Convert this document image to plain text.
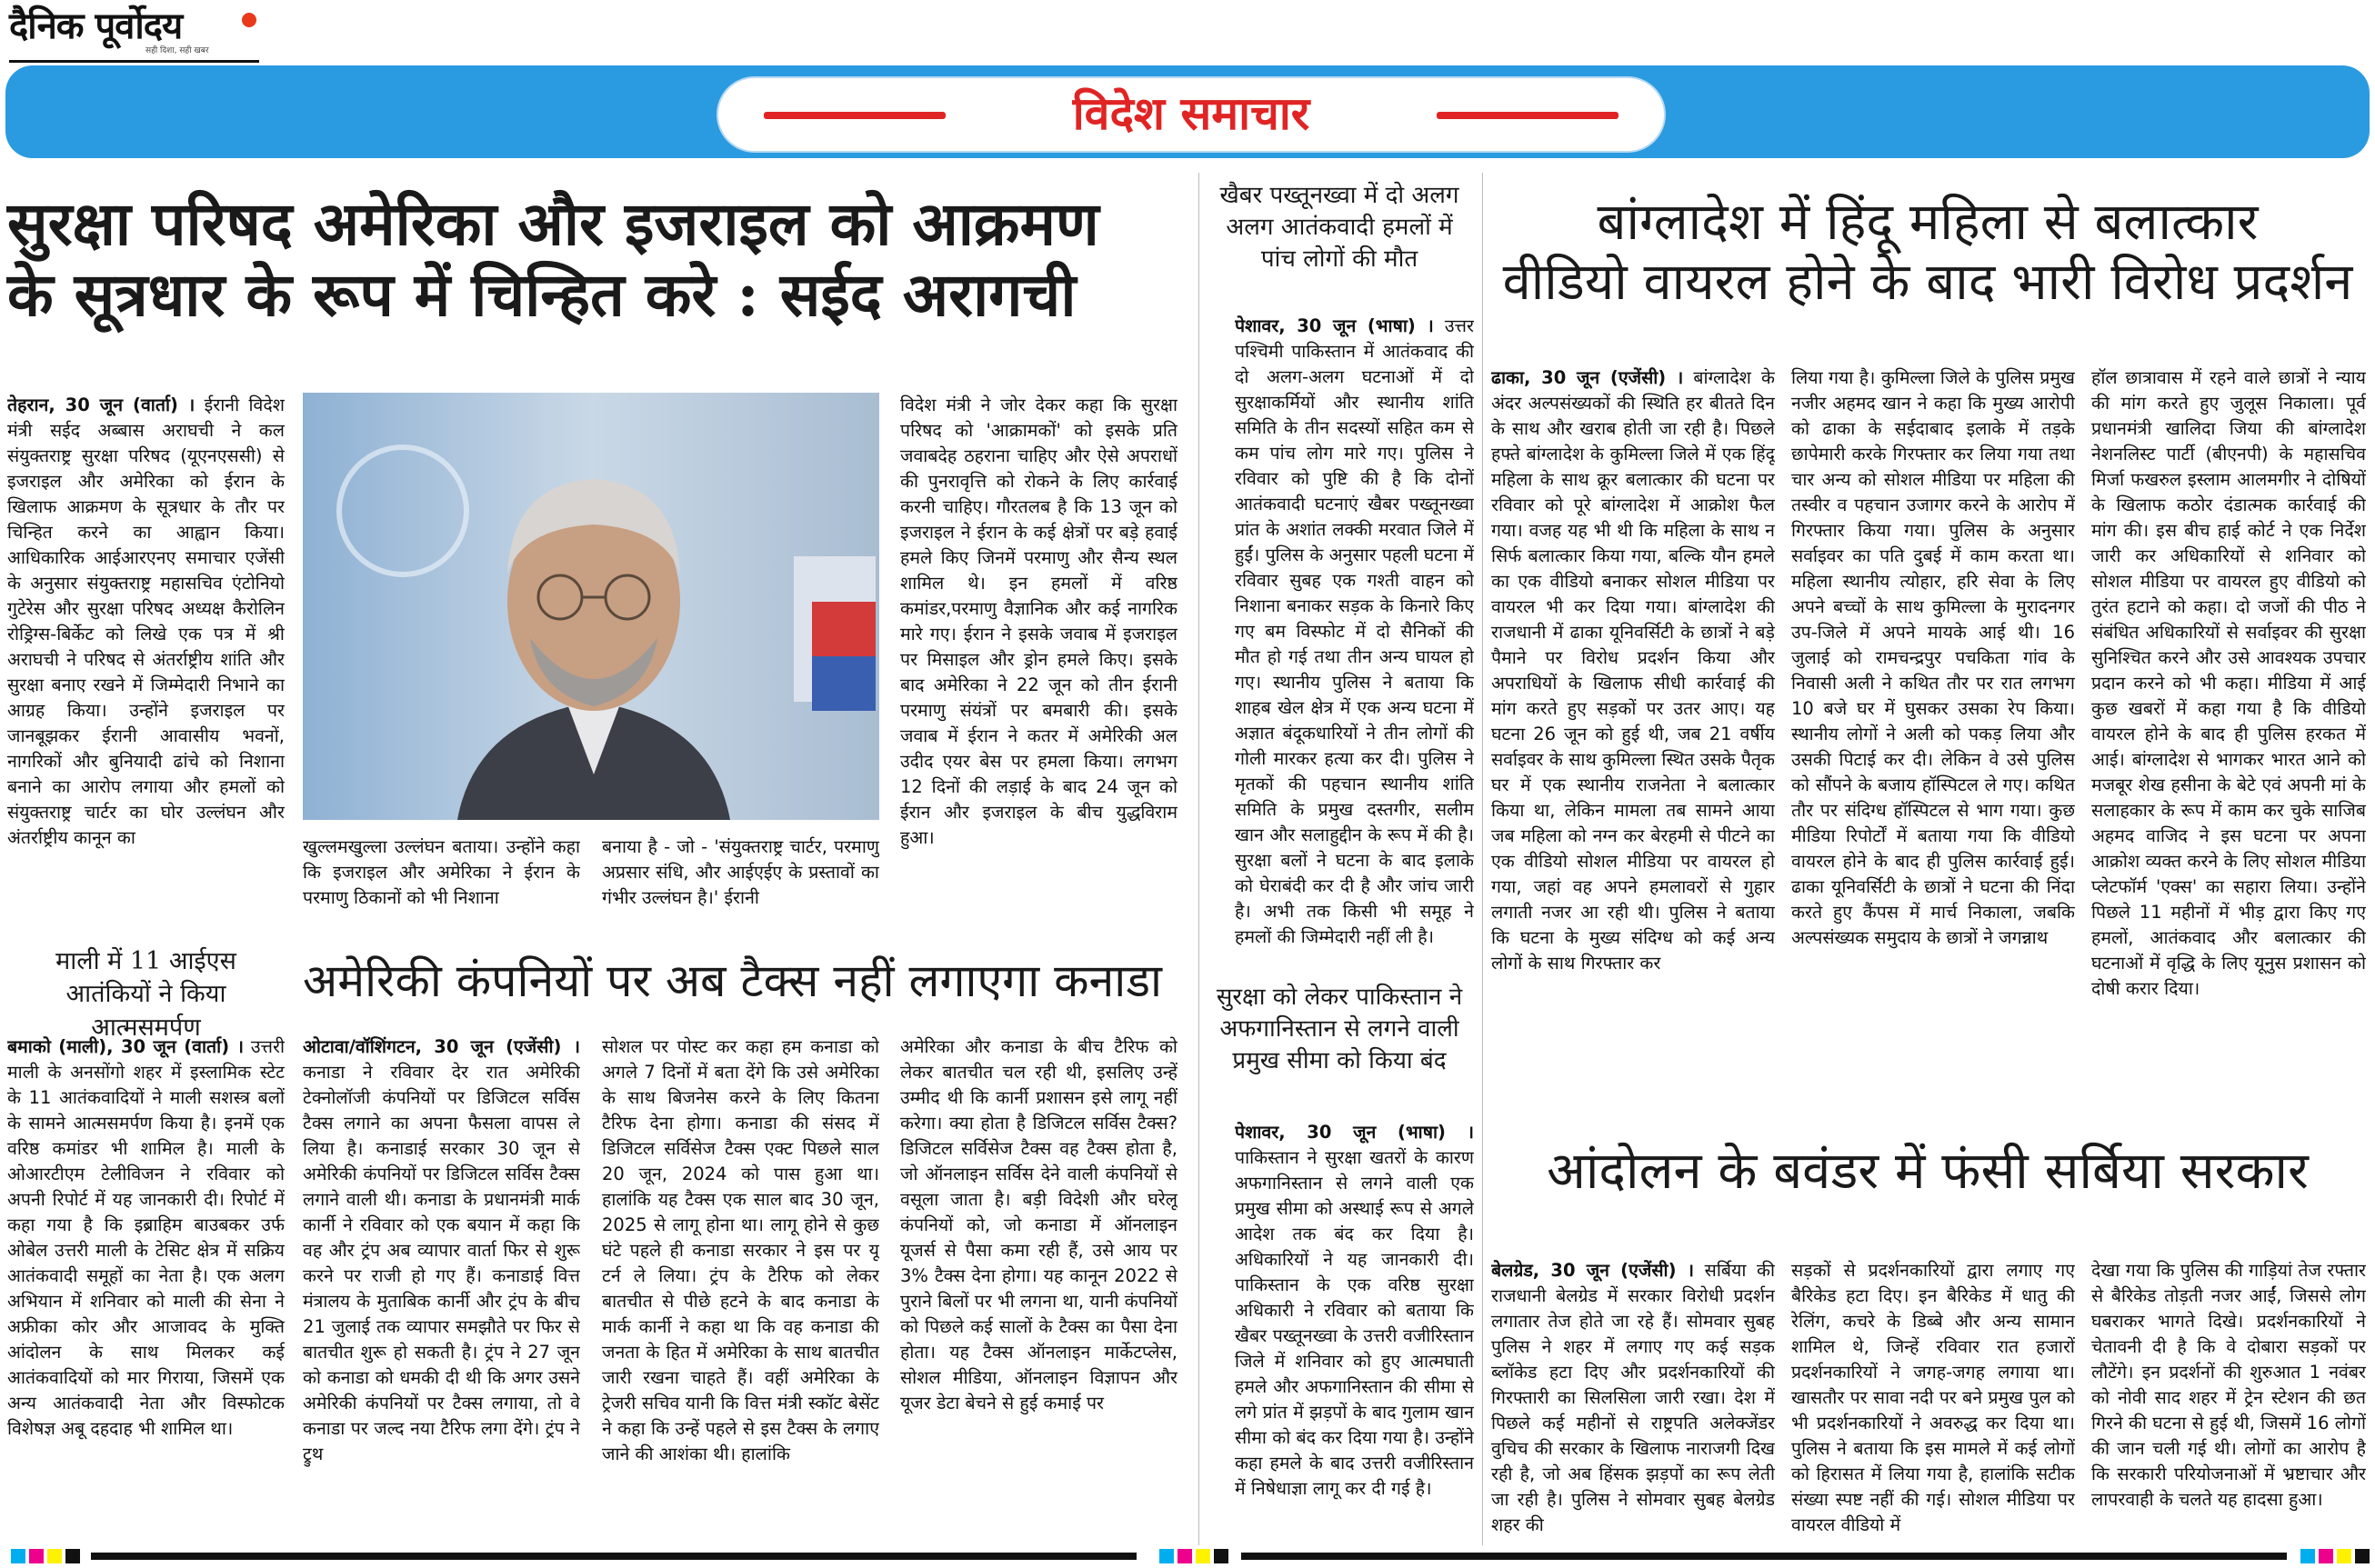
दैनिक पूर्वोदय
सही दिशा, सही खबर
विदेश समाचार
सुरक्षा परिषद अमेरिका और इजराइल को आक्रमण
के सूत्रधार के रूप में चिन्हित करे : सईद अरागची
तेहरान, 30 जून (वार्ता) । ईरानी विदेश मंत्री सईद अब्बास अराघची ने कल संयुक्तराष्ट्र सुरक्षा परिषद (यूएनएससी) से इजराइल और अमेरिका को ईरान के खिलाफ आक्रमण के सूत्रधार के तौर पर चिन्हित करने का आह्वान किया। आधिकारिक आईआरएनए समाचार एजेंसी के अनुसार संयुक्तराष्ट्र महासचिव एंटोनियो गुटेरेस और सुरक्षा परिषद अध्यक्ष कैरोलिन रोड्रिग्स-बिर्केट को लिखे एक पत्र में श्री अराघची ने परिषद से अंतर्राष्ट्रीय शांति और सुरक्षा बनाए रखने में जिम्मेदारी निभाने का आग्रह किया। उन्होंने इजराइल पर जानबूझकर ईरानी आवासीय भवनों, नागरिकों और बुनियादी ढांचे को निशाना बनाने का आरोप लगाया और हमलों को संयुक्तराष्ट्र चार्टर का घोर उल्लंघन और अंतर्राष्ट्रीय कानून का	खुल्लमखुल्ला उल्लंघन बताया। उन्होंने कहा कि इजराइल और अमेरिका ने ईरान के परमाणु ठिकानों को भी निशाना
बनाया है - जो - 'संयुक्तराष्ट्र चार्टर, परमाणु अप्रसार संधि, और आईएईए के प्रस्तावों का गंभीर उल्लंघन है।' ईरानी
विदेश मंत्री ने जोर देकर कहा कि सुरक्षा परिषद को 'आक्रामकों' को इसके प्रति जवाबदेह ठहराना चाहिए और ऐसे अपराधों की पुनरावृत्ति को रोकने के लिए कार्रवाई करनी चाहिए। गौरतलब है कि 13 जून को इजराइल ने ईरान के कई क्षेत्रों पर बड़े हवाई हमले किए जिनमें परमाणु और सैन्य स्थल शामिल थे। इन हमलों में वरिष्ठ कमांडर,परमाणु वैज्ञानिक और कई नागरिक मारे गए। ईरान ने इसके जवाब में इजराइल पर मिसाइल और ड्रोन हमले किए। इसके बाद अमेरिका ने 22 जून को तीन ईरानी परमाणु संयंत्रों पर बमबारी की। इसके जवाब में ईरान ने कतर में अमेरिकी अल उदीद एयर बेस पर हमला किया। लगभग 12 दिनों की लड़ाई के बाद 24 जून को ईरान और इजराइल के बीच युद्धविराम हुआ।
खैबर पख्तूनख्वा में दो अलग अलग आतंकवादी हमलों में पांच लोगों की मौत
पेशावर, 30 जून (भाषा) । उत्तर पश्चिमी पाकिस्तान में आतंकवाद की दो अलग-अलग घटनाओं में दो सुरक्षाकर्मियों और स्थानीय शांति समिति के तीन सदस्यों सहित कम से कम पांच लोग मारे गए। पुलिस ने रविवार को पुष्टि की है कि दोनों आतंकवादी घटनाएं खैबर पख्तूनख्वा प्रांत के अशांत लक्की मरवात जिले में हुईं। पुलिस के अनुसार पहली घटना में रविवार सुबह एक गश्ती वाहन को निशाना बनाकर सड़क के किनारे किए गए बम विस्फोट में दो सैनिकों की मौत हो गई तथा तीन अन्य घायल हो गए। स्थानीय पुलिस ने बताया कि शाहब खेल क्षेत्र में एक अन्य घटना में अज्ञात बंदूकधारियों ने तीन लोगों की गोली मारकर हत्या कर दी। पुलिस ने मृतकों की पहचान स्थानीय शांति समिति के प्रमुख दस्तगीर, सलीम खान और सलाहुद्दीन के रूप में की है। सुरक्षा बलों ने घटना के बाद इलाके को घेराबंदी कर दी है और जांच जारी है। अभी तक किसी भी समूह ने हमलों की जिम्मेदारी नहीं ली है।
बांग्लादेश में हिंदू महिला से बलात्कार
वीडियो वायरल होने के बाद भारी विरोध प्रदर्शन
ढाका, 30 जून (एजेंसी) । बांग्लादेश के अंदर अल्पसंख्यकों की स्थिति हर बीतते दिन के साथ और खराब होती जा रही है। पिछले हफ्ते बांग्लादेश के कुमिल्ला जिले में एक हिंदू महिला के साथ क्रूर बलात्कार की घटना पर रविवार को पूरे बांग्लादेश में आक्रोश फैल गया। वजह यह भी थी कि महिला के साथ न सिर्फ बलात्कार किया गया, बल्कि यौन हमले का एक वीडियो बनाकर सोशल मीडिया पर वायरल भी कर दिया गया। बांग्लादेश की राजधानी में ढाका यूनिवर्सिटी के छात्रों ने बड़े पैमाने पर विरोध प्रदर्शन किया और अपराधियों के खिलाफ सीधी कार्रवाई की मांग करते हुए सड़कों पर उतर आए। यह घटना 26 जून को हुई थी, जब 21 वर्षीय सर्वाइवर के साथ कुमिल्ला स्थित उसके पैतृक घर में एक स्थानीय राजनेता ने बलात्कार किया था, लेकिन मामला तब सामने आया जब महिला को नग्न कर बेरहमी से पीटने का एक वीडियो सोशल मीडिया पर वायरल हो गया, जहां वह अपने हमलावरों से गुहार लगाती नजर आ रही थी। पुलिस ने बताया कि घटना के मुख्य संदिग्ध को कई अन्य लोगों के साथ गिरफ्तार कर
लिया गया है। कुमिल्ला जिले के पुलिस प्रमुख नजीर अहमद खान ने कहा कि मुख्य आरोपी को ढाका के सईदाबाद इलाके में तड़के छापेमारी करके गिरफ्तार कर लिया गया तथा चार अन्य को सोशल मीडिया पर महिला की तस्वीर व पहचान उजागर करने के आरोप में गिरफ्तार किया गया। पुलिस के अनुसार सर्वाइवर का पति दुबई में काम करता था। महिला स्थानीय त्योहार, हरि सेवा के लिए अपने बच्चों के साथ कुमिल्ला के मुरादनगर उप-जिले में अपने मायके आई थी। 16 जुलाई को रामचन्द्रपुर पचकिता गांव के निवासी अली ने कथित तौर पर रात लगभग 10 बजे घर में घुसकर उसका रेप किया। स्थानीय लोगों ने अली को पकड़ लिया और उसकी पिटाई कर दी। लेकिन वे उसे पुलिस को सौंपने के बजाय हॉस्पिटल ले गए। कथित तौर पर संदिग्ध हॉस्पिटल से भाग गया। कुछ मीडिया रिपोर्टों में बताया गया कि वीडियो वायरल होने के बाद ही पुलिस कार्रवाई हुई। ढाका यूनिवर्सिटी के छात्रों ने घटना की निंदा करते हुए कैंपस में मार्च निकाला, जबकि अल्पसंख्यक समुदाय के छात्रों ने जगन्नाथ
हॉल छात्रावास में रहने वाले छात्रों ने न्याय की मांग करते हुए जुलूस निकाला। पूर्व प्रधानमंत्री खालिदा जिया की बांग्लादेश नेशनलिस्ट पार्टी (बीएनपी) के महासचिव मिर्जा फखरुल इस्लाम आलमगीर ने दोषियों के खिलाफ कठोर दंडात्मक कार्रवाई की मांग की। इस बीच हाई कोर्ट ने एक निर्देश जारी कर अधिकारियों से शनिवार को सोशल मीडिया पर वायरल हुए वीडियो को तुरंत हटाने को कहा। दो जजों की पीठ ने संबंधित अधिकारियों से सर्वाइवर की सुरक्षा सुनिश्चित करने और उसे आवश्यक उपचार प्रदान करने को भी कहा। मीडिया में आई कुछ खबरों में कहा गया है कि वीडियो वायरल होने के बाद ही पुलिस हरकत में आई। बांग्लादेश से भागकर भारत आने को मजबूर शेख हसीना के बेटे एवं अपनी मां के सलाहकार के रूप में काम कर चुके साजिब अहमद वाजिद ने इस घटना पर अपना आक्रोश व्यक्त करने के लिए सोशल मीडिया प्लेटफॉर्म 'एक्स' का सहारा लिया। उन्होंने पिछले 11 महीनों में भीड़ द्वारा किए गए हमलों, आतंकवाद और बलात्कार की घटनाओं में वृद्धि के लिए यूनुस प्रशासन को दोषी करार दिया।
माली में 11 आईएस
आतंकियों ने किया आत्मसमर्पण
बमाको (माली), 30 जून (वार्ता) । उत्तरी माली के अनसोंगो शहर में इस्लामिक स्टेट के 11 आतंकवादियों ने माली सशस्त्र बलों के सामने आत्मसमर्पण किया है। इनमें एक वरिष्ठ कमांडर भी शामिल है। माली के ओआरटीएम टेलीविजन ने रविवार को अपनी रिपोर्ट में यह जानकारी दी। रिपोर्ट में कहा गया है कि इब्राहिम बाउबकर उर्फ ओबेल उत्तरी माली के टेसिट क्षेत्र में सक्रिय आतंकवादी समूहों का नेता है। एक अलग अभियान में शनिवार को माली की सेना ने अफ्रीका कोर और आजावद के मुक्ति आंदोलन के साथ मिलकर कई आतंकवादियों को मार गिराया, जिसमें एक अन्य आतंकवादी नेता और विस्फोटक विशेषज्ञ अबू दहदाह भी शामिल था।
अमेरिकी कंपनियों पर अब टैक्स नहीं लगाएगा कनाडा
ओटावा/वॉशिंगटन, 30 जून (एजेंसी) । कनाडा ने रविवार देर रात अमेरिकी टेक्नोलॉजी कंपनियों पर डिजिटल सर्विस टैक्स लगाने का अपना फैसला वापस ले लिया है। कनाडाई सरकार 30 जून से अमेरिकी कंपनियों पर डिजिटल सर्विस टैक्स लगाने वाली थी। कनाडा के प्रधानमंत्री मार्क कार्नी ने रविवार को एक बयान में कहा कि वह और ट्रंप अब व्यापार वार्ता फिर से शुरू करने पर राजी हो गए हैं। कनाडाई वित्त मंत्रालय के मुताबिक कार्नी और ट्रंप के बीच 21 जुलाई तक व्यापार समझौते पर फिर से बातचीत शुरू हो सकती है। ट्रंप ने 27 जून को कनाडा को धमकी दी थी कि अगर उसने अमेरिकी कंपनियों पर टैक्स लगाया, तो वे कनाडा पर जल्द नया टैरिफ लगा देंगे। ट्रंप ने ट्रुथ
सोशल पर पोस्ट कर कहा हम कनाडा को अगले 7 दिनों में बता देंगे कि उसे अमेरिका के साथ बिजनेस करने के लिए कितना टैरिफ देना होगा। कनाडा की संसद में डिजिटल सर्विसेज टैक्स एक्ट पिछले साल 20 जून, 2024 को पास हुआ था। हालांकि यह टैक्स एक साल बाद 30 जून, 2025 से लागू होना था। लागू होने से कुछ घंटे पहले ही कनाडा सरकार ने इस पर यू टर्न ले लिया। ट्रंप के टैरिफ को लेकर बातचीत से पीछे हटने के बाद कनाडा के मार्क कार्नी ने कहा था कि वह कनाडा की जनता के हित में अमेरिका के साथ बातचीत जारी रखना चाहते हैं। वहीं अमेरिका के ट्रेजरी सचिव यानी कि वित्त मंत्री स्कॉट बेसेंट ने कहा कि उन्हें पहले से इस टैक्स के लगाए जाने की आशंका थी। हालांकि
अमेरिका और कनाडा के बीच टैरिफ को लेकर बातचीत चल रही थी, इसलिए उन्हें उम्मीद थी कि कार्नी प्रशासन इसे लागू नहीं करेगा। क्या होता है डिजिटल सर्विस टैक्स? डिजिटल सर्विसेज टैक्स वह टैक्स होता है, जो ऑनलाइन सर्विस देने वाली कंपनियों से वसूला जाता है। बड़ी विदेशी और घरेलू कंपनियों को, जो कनाडा में ऑनलाइन यूजर्स से पैसा कमा रही हैं, उसे आय पर 3% टैक्स देना होगा। यह कानून 2022 से पुराने बिलों पर भी लगना था, यानी कंपनियों को पिछले कई सालों के टैक्स का पैसा देना होता। यह टैक्स ऑनलाइन मार्केटप्लेस, सोशल मीडिया, ऑनलाइन विज्ञापन और यूजर डेटा बेचने से हुई कमाई पर
सुरक्षा को लेकर पाकिस्तान ने अफगानिस्तान से लगने वाली प्रमुख सीमा को किया बंद
पेशावर, 30 जून (भाषा) । पाकिस्तान ने सुरक्षा खतरों के कारण अफगानिस्तान से लगने वाली एक प्रमुख सीमा को अस्थाई रूप से अगले आदेश तक बंद कर दिया है। अधिकारियों ने यह जानकारी दी। पाकिस्तान के एक वरिष्ठ सुरक्षा अधिकारी ने रविवार को बताया कि खैबर पख्तूनख्वा के उत्तरी वजीरिस्तान जिले में शनिवार को हुए आत्मघाती हमले और अफगानिस्तान की सीमा से लगे प्रांत में झड़पों के बाद गुलाम खान सीमा को बंद कर दिया गया है। उन्होंने कहा हमले के बाद उत्तरी वजीरिस्तान में निषेधाज्ञा लागू कर दी गई है।
आंदोलन के बवंडर में फंसी सर्बिया सरकार
बेलग्रेड, 30 जून (एजेंसी) । सर्बिया की राजधानी बेलग्रेड में सरकार विरोधी प्रदर्शन लगातार तेज होते जा रहे हैं। सोमवार सुबह पुलिस ने शहर में लगाए गए कई सड़क ब्लॉकेड हटा दिए और प्रदर्शनकारियों की गिरफ्तारी का सिलसिला जारी रखा। देश में पिछले कई महीनों से राष्ट्रपति अलेक्जेंडर वुचिच की सरकार के खिलाफ नाराजगी दिख रही है, जो अब हिंसक झड़पों का रूप लेती जा रही है। पुलिस ने सोमवार सुबह बेलग्रेड शहर की
सड़कों से प्रदर्शनकारियों द्वारा लगाए गए बैरिकेड हटा दिए। इन बैरिकेड में धातु की रेलिंग, कचरे के डिब्बे और अन्य सामान शामिल थे, जिन्हें रविवार रात हजारों प्रदर्शनकारियों ने जगह-जगह लगाया था। खासतौर पर सावा नदी पर बने प्रमुख पुल को भी प्रदर्शनकारियों ने अवरुद्ध कर दिया था। पुलिस ने बताया कि इस मामले में कई लोगों को हिरासत में लिया गया है, हालांकि सटीक संख्या स्पष्ट नहीं की गई। सोशल मीडिया पर वायरल वीडियो में
देखा गया कि पुलिस की गाड़ियां तेज रफ्तार से बैरिकेड तोड़ती नजर आईं, जिससे लोग घबराकर भागते दिखे। प्रदर्शनकारियों ने चेतावनी दी है कि वे दोबारा सड़कों पर लौटेंगे। इन प्रदर्शनों की शुरुआत 1 नवंबर को नोवी साद शहर में ट्रेन स्टेशन की छत गिरने की घटना से हुई थी, जिसमें 16 लोगों की जान चली गई थी। लोगों का आरोप है कि सरकारी परियोजनाओं में भ्रष्टाचार और लापरवाही के चलते यह हादसा हुआ।
